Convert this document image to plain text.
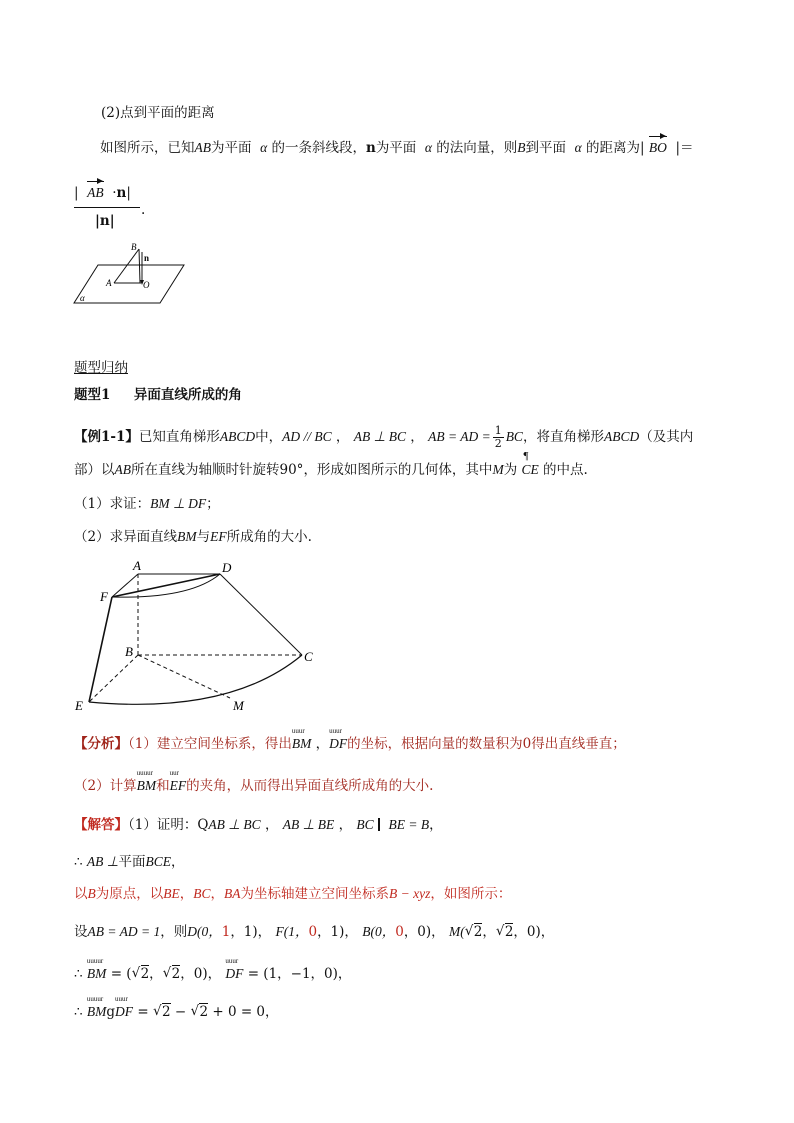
(2)点到平面的距离
如图所示，已知AB为平面 α 的一条斜线段，n为平面 α 的法向量，则B到平面 α 的距离为| BO |＝
| AB ·n|
.
|n|
B
n
A	O
α
题型归纳
题型1 异面直线所成的角
【例1-1】已知直角梯形ABCD中，AD // BC ， AB ⊥ BC ， AB = AD = $\frac{1}{2}$ BC，将直角梯形ABCD（及其内
部）以AB所在直线为轴顺时针旋转90°，形成如图所示的几何体，其中M为
¶
CE 的中点.
（1）求证：BM ⊥ DF；
（2）求异面直线BM与EF所成角的大小.
A	D
F
B	C
E	M
【分析】（1）建立空间坐标系，得出
uuur
BM ，
uuur
DF的坐标，根据向量的数量积为0得出直线垂直；
（2）计算
uuuur
BM和
uur
EF的夹角，从而得出异面直线所成角的大小.
【解答】（1）证明：QAB ⊥ BC ， AB ⊥ BE ， BC BE = B，
∴ AB ⊥平面BCE，
以B为原点，以BE，BC，BA为坐标轴建立空间坐标系B − xyz，如图所示：
设AB = AD = 1，则D(0，1，1)， F(1，0，1)， B(0，0，0)， M( √ 2， √ 2，0)，
∴
uuuur
BM = ( √ 2， √ 2，0)，
uuur
DF = (1，−1，0)，
∴
uuuur
BMg
uuur
DF = √ 2 − √ 2 + 0 = 0，
